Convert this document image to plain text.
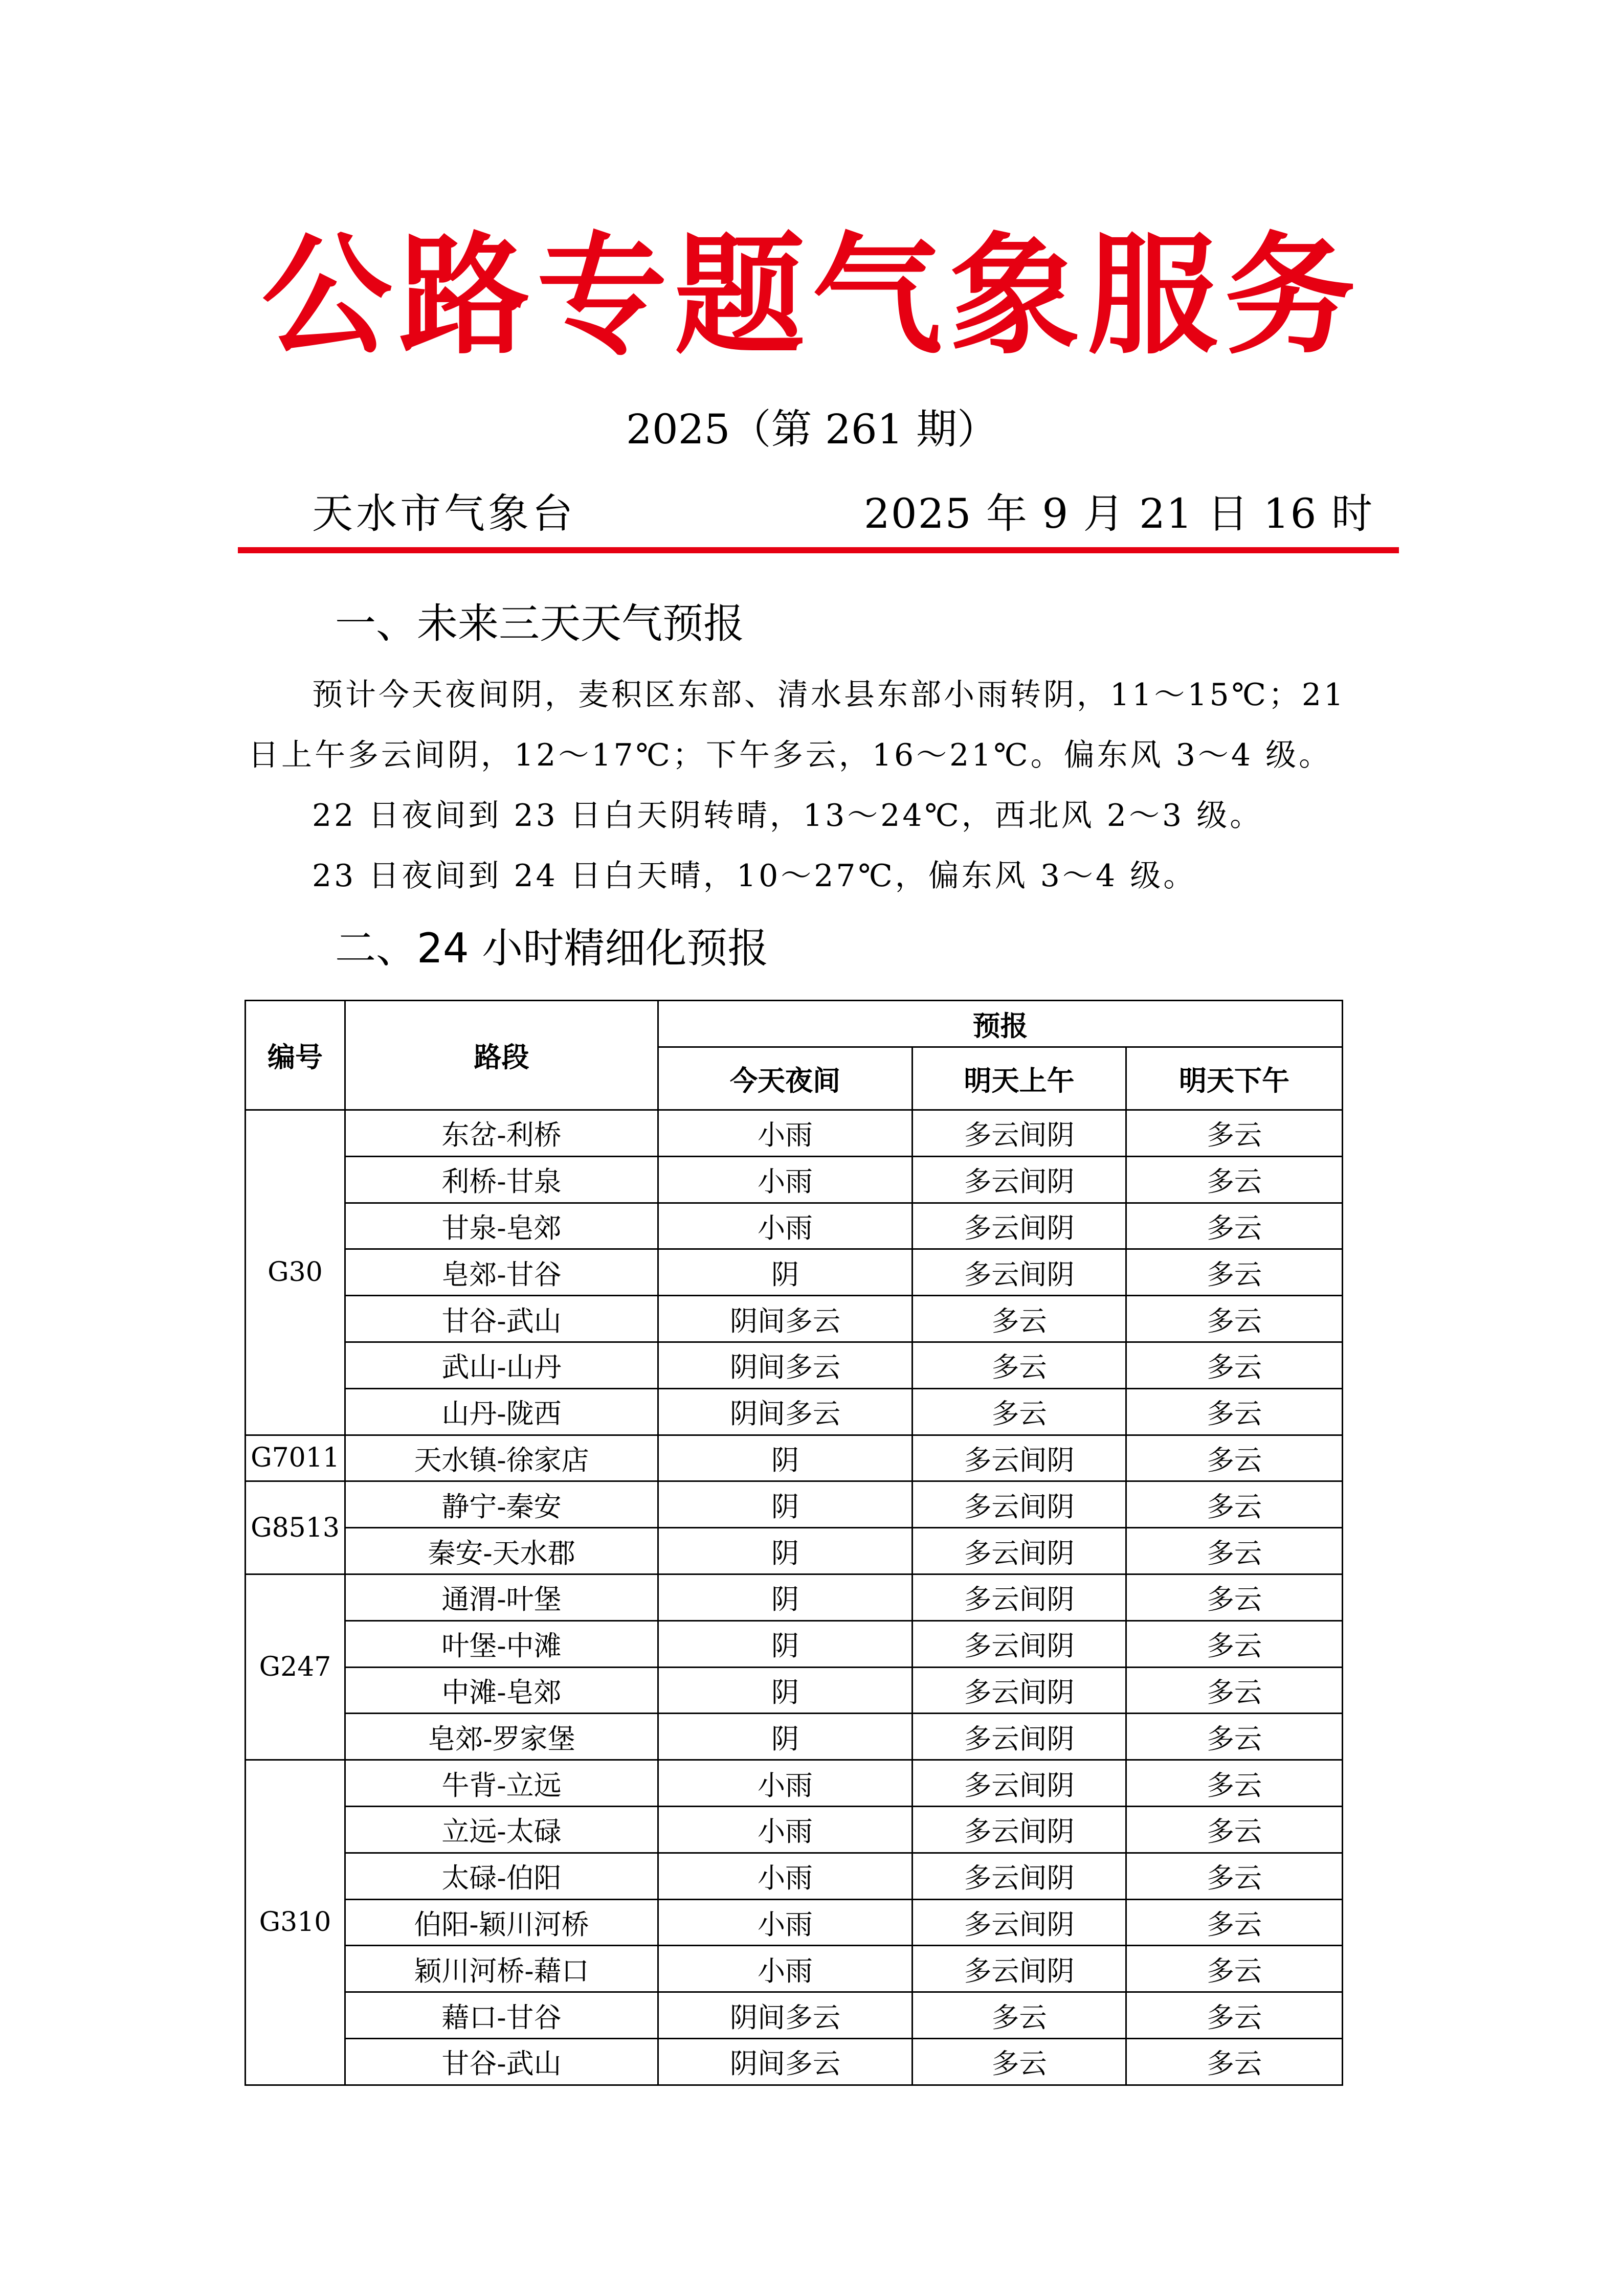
公路专题气象服务
2025（第 261 期）
天水市气象台	2025 年 9 月 21 日 16 时
一、未来三天天气预报

预计今天夜间阴，麦积区东部、清水县东部小雨转阴，11～15℃；21 日上午多云间阴，12～17℃；下午多云，16～21℃。偏东风 3～4 级。

22 日夜间到 23 日白天阴转晴，13～24℃，西北风 2～3 级。

23 日夜间到 24 日白天晴，10～27℃，偏东风 3～4 级。

二、24 小时精细化预报
编号	路段	预报		
		今天夜间	明天上午	明天下午
G30	东岔-利桥	小雨	多云间阴	多云
	利桥-甘泉	小雨	多云间阴	多云
	甘泉-皂郊	小雨	多云间阴	多云
	皂郊-甘谷	阴	多云间阴	多云
	甘谷-武山	阴间多云	多云	多云
	武山-山丹	阴间多云	多云	多云
	山丹-陇西	阴间多云	多云	多云
G7011	天水镇-徐家店	阴	多云间阴	多云
G8513	静宁-秦安	阴	多云间阴	多云
	秦安-天水郡	阴	多云间阴	多云
G247	通渭-叶堡	阴	多云间阴	多云
	叶堡-中滩	阴	多云间阴	多云
	中滩-皂郊	阴	多云间阴	多云
	皂郊-罗家堡	阴	多云间阴	多云
G310	牛背-立远	小雨	多云间阴	多云
	立远-太碌	小雨	多云间阴	多云
	太碌-伯阳	小雨	多云间阴	多云
	伯阳-颖川河桥	小雨	多云间阴	多云
	颖川河桥-藉口	小雨	多云间阴	多云
	藉口-甘谷	阴间多云	多云	多云
	甘谷-武山	阴间多云	多云	多云
